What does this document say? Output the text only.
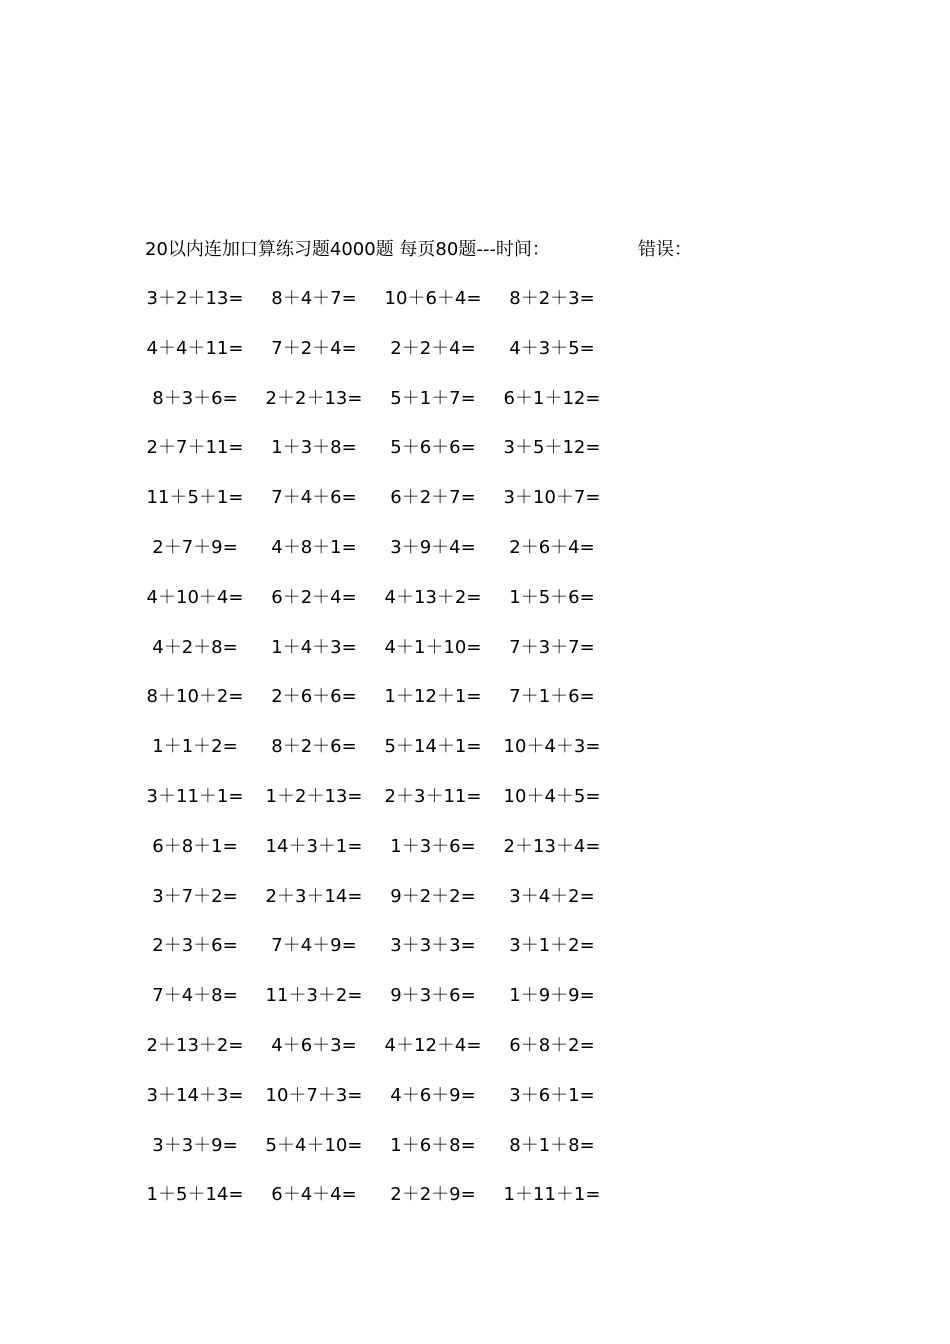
20以内连加口算练习题4000题 每页80题---时间：	错误：
3＋2＋13=	8＋4＋7=	10＋6＋4=	8＋2＋3=
4＋4＋11=	7＋2＋4=	2＋2＋4=	4＋3＋5=
8＋3＋6=	2＋2＋13=	5＋1＋7=	6＋1＋12=
2＋7＋11=	1＋3＋8=	5＋6＋6=	3＋5＋12=
11＋5＋1=	7＋4＋6=	6＋2＋7=	3＋10＋7=
2＋7＋9=	4＋8＋1=	3＋9＋4=	2＋6＋4=
4＋10＋4=	6＋2＋4=	4＋13＋2=	1＋5＋6=
4＋2＋8=	1＋4＋3=	4＋1＋10=	7＋3＋7=
8＋10＋2=	2＋6＋6=	1＋12＋1=	7＋1＋6=
1＋1＋2=	8＋2＋6=	5＋14＋1=	10＋4＋3=
3＋11＋1=	1＋2＋13=	2＋3＋11=	10＋4＋5=
6＋8＋1=	14＋3＋1=	1＋3＋6=	2＋13＋4=
3＋7＋2=	2＋3＋14=	9＋2＋2=	3＋4＋2=
2＋3＋6=	7＋4＋9=	3＋3＋3=	3＋1＋2=
7＋4＋8=	11＋3＋2=	9＋3＋6=	1＋9＋9=
2＋13＋2=	4＋6＋3=	4＋12＋4=	6＋8＋2=
3＋14＋3=	10＋7＋3=	4＋6＋9=	3＋6＋1=
3＋3＋9=	5＋4＋10=	1＋6＋8=	8＋1＋8=
1＋5＋14=	6＋4＋4=	2＋2＋9=	1＋11＋1=
